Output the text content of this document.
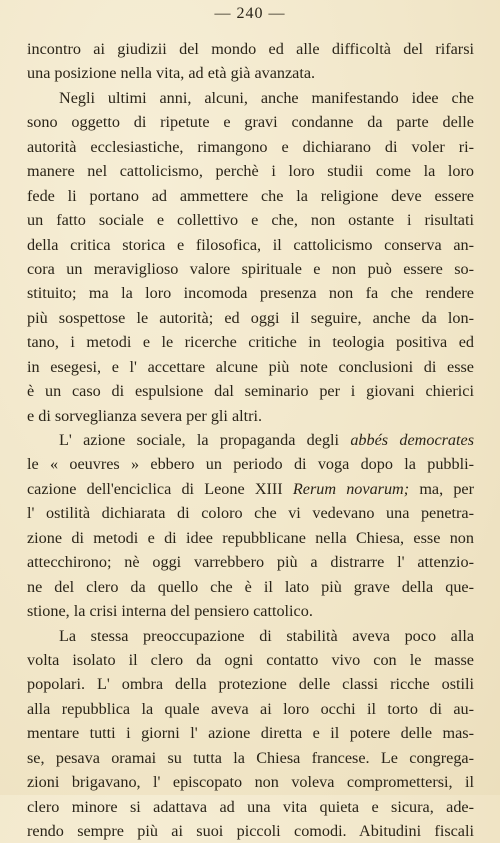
— 240 —
incontro ai giudizii del mondo ed alle difficoltà del rifarsi
una posizione nella vita, ad età già avanzata.
Negli ultimi anni, alcuni, anche manifestando idee che
sono oggetto di ripetute e gravi condanne da parte delle
autorità ecclesiastiche, rimangono e dichiarano di voler ri-
manere nel cattolicismo, perchè i loro studii come la loro
fede li portano ad ammettere che la religione deve essere
un fatto sociale e collettivo e che, non ostante i risultati
della critica storica e filosofica, il cattolicismo conserva an-
cora un meraviglioso valore spirituale e non può essere so-
stituito; ma la loro incomoda presenza non fa che rendere
più sospettose le autorità; ed oggi il seguire, anche da lon-
tano, i metodi e le ricerche critiche in teologia positiva ed
in esegesi, e l' accettare alcune più note conclusioni di esse
è un caso di espulsione dal seminario per i giovani chierici
e di sorveglianza severa per gli altri.
L' azione sociale, la propaganda degli abbés democrates
le « oeuvres » ebbero un periodo di voga dopo la pubbli-
cazione dell'enciclica di Leone XIII Rerum novarum; ma, per
l' ostilità dichiarata di coloro che vi vedevano una penetra-
zione di metodi e di idee repubblicane nella Chiesa, esse non
attecchirono; nè oggi varrebbero più a distrarre l' attenzio-
ne del clero da quello che è il lato più grave della que-
stione, la crisi interna del pensiero cattolico.
La stessa preoccupazione di stabilità aveva poco alla
volta isolato il clero da ogni contatto vivo con le masse
popolari. L' ombra della protezione delle classi ricche ostili
alla repubblica la quale aveva ai loro occhi il torto di au-
mentare tutti i giorni l' azione diretta e il potere delle mas-
se, pesava oramai su tutta la Chiesa francese. Le congrega-
zioni brigavano, l' episcopato non voleva compromettersi, il
clero minore si adattava ad una vita quieta e sicura, ade-
rendo sempre più ai suoi piccoli comodi. Abitudini fiscali
